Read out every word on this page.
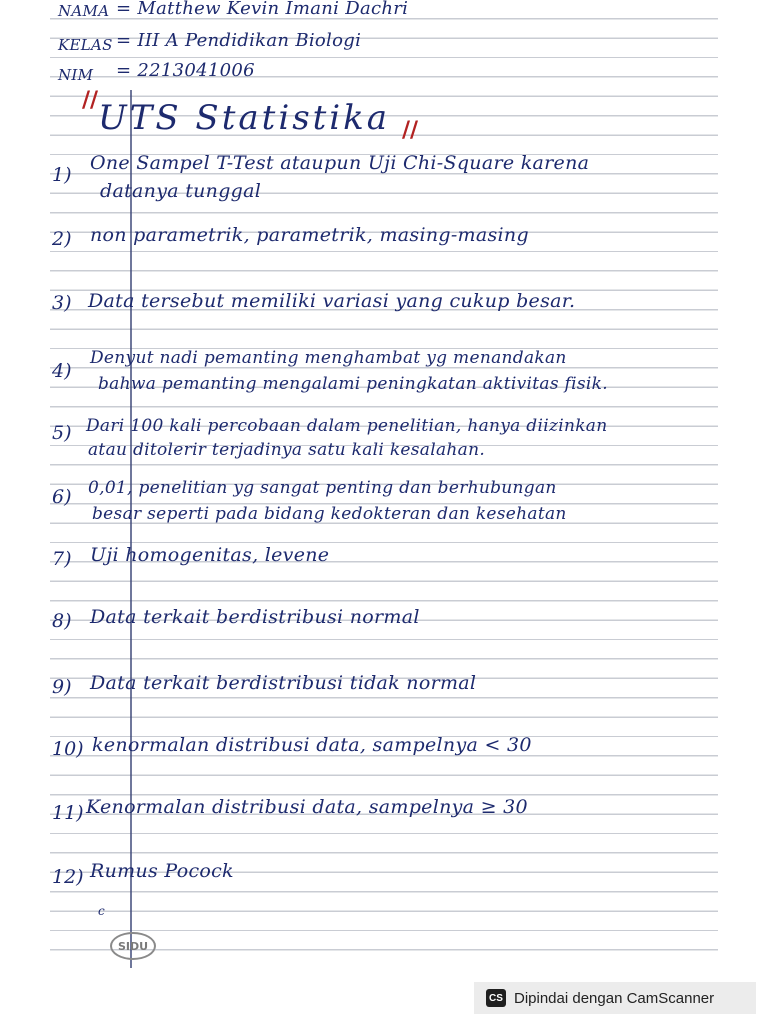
NAMA = Matthew Kevin Imani Dachri
KELAS = III A Pendidikan Biologi
NIM = 2213041006
// UTS Statistika //
1)
One Sampel T-Test ataupun Uji Chi-Square karena
datanya tunggal
2) non parametrik, parametrik, masing-masing
3) Data tersebut memiliki variasi yang cukup besar.
4)
Denyut nadi pemanting menghambat yg menandakan
bahwa pemanting mengalami peningkatan aktivitas fisik.
5) Dari 100 kali percobaan dalam penelitian, hanya diizinkan
atau ditolerir terjadinya satu kali kesalahan.
6) 0,01, penelitian yg sangat penting dan berhubungan
besar seperti pada bidang kedokteran dan kesehatan
7) Uji homogenitas, levene
8) Data terkait berdistribusi normal
9) Data terkait berdistribusi tidak normal
10) kenormalan distribusi data, sampelnya < 30
11) Kenormalan distribusi data, sampelnya ≥ 30
12) Rumus Pocock
c
SIDU
CS Dipindai dengan CamScanner
